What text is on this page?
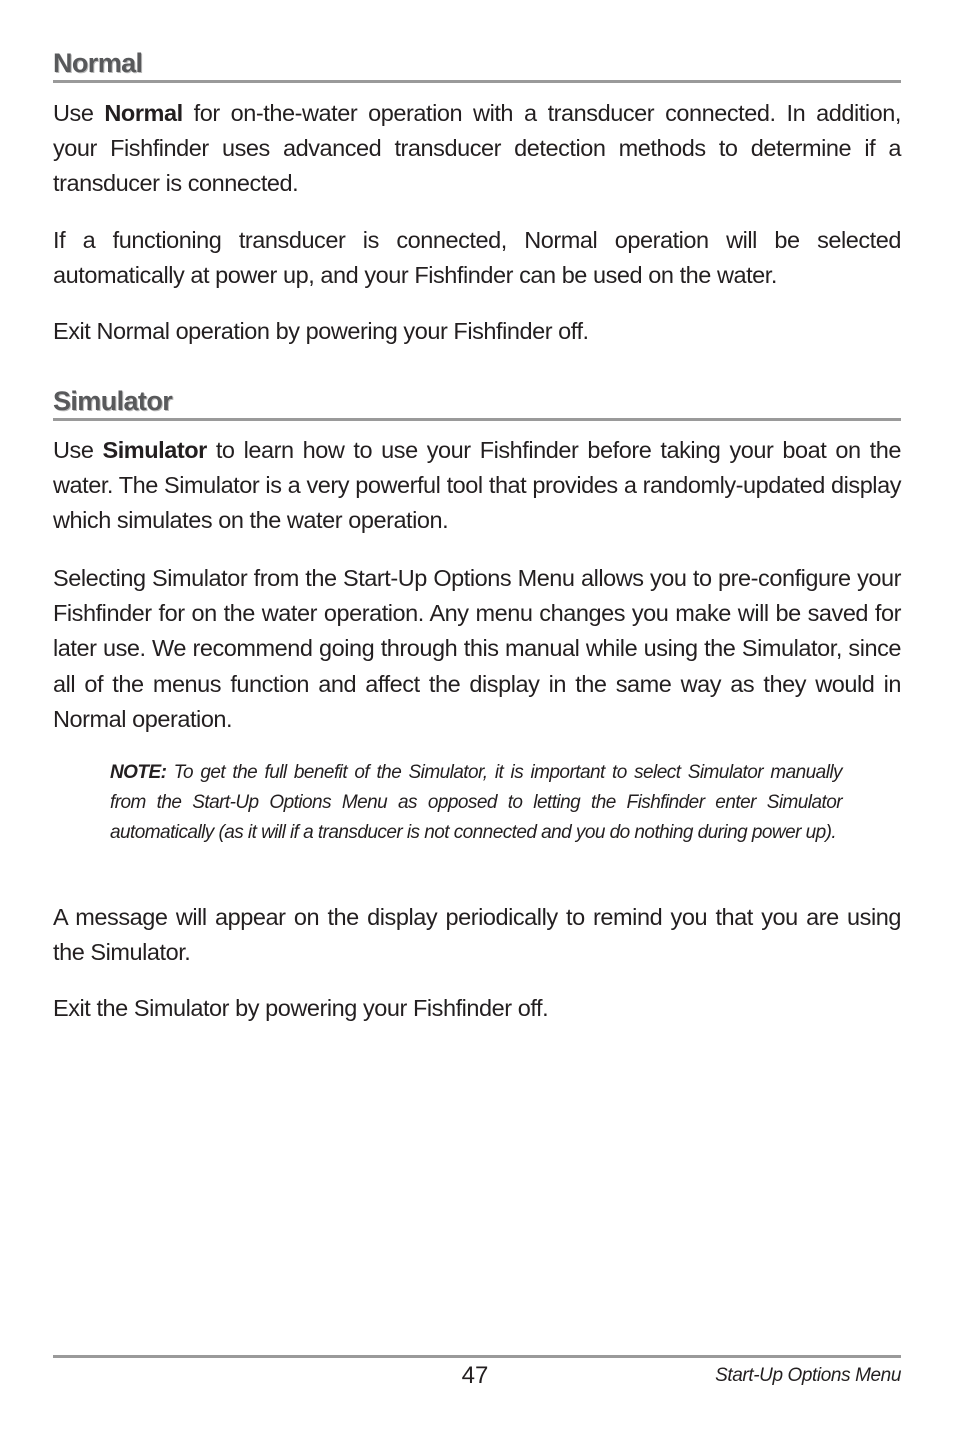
Normal

Use Normal for on-the-water operation with a transducer connected. In addition, your Fishfinder uses advanced transducer detection methods to determine if a transducer is connected.

If a functioning transducer is connected, Normal operation will be selected automatically at power up, and your Fishfinder can be used on the water.

Exit Normal operation by powering your Fishfinder off.

Simulator

Use Simulator to learn how to use your Fishfinder before taking your boat on the water. The Simulator is a very powerful tool that provides a randomly-updated display which simulates on the water operation.

Selecting Simulator from the Start-Up Options Menu allows you to pre-configure your Fishfinder for on the water operation. Any menu changes you make will be saved for later use. We recommend going through this manual while using the Simulator, since all of the menus function and affect the display in the same way as they would in Normal operation.

NOTE: To get the full benefit of the Simulator, it is important to select Simulator manually from the Start-Up Options Menu as opposed to letting the Fishfinder enter Simulator automatically (as it will if a transducer is not connected and you do nothing during power up).

A message will appear on the display periodically to remind you that you are using the Simulator.

Exit the Simulator by powering your Fishfinder off.

47	Start-Up Options Menu
